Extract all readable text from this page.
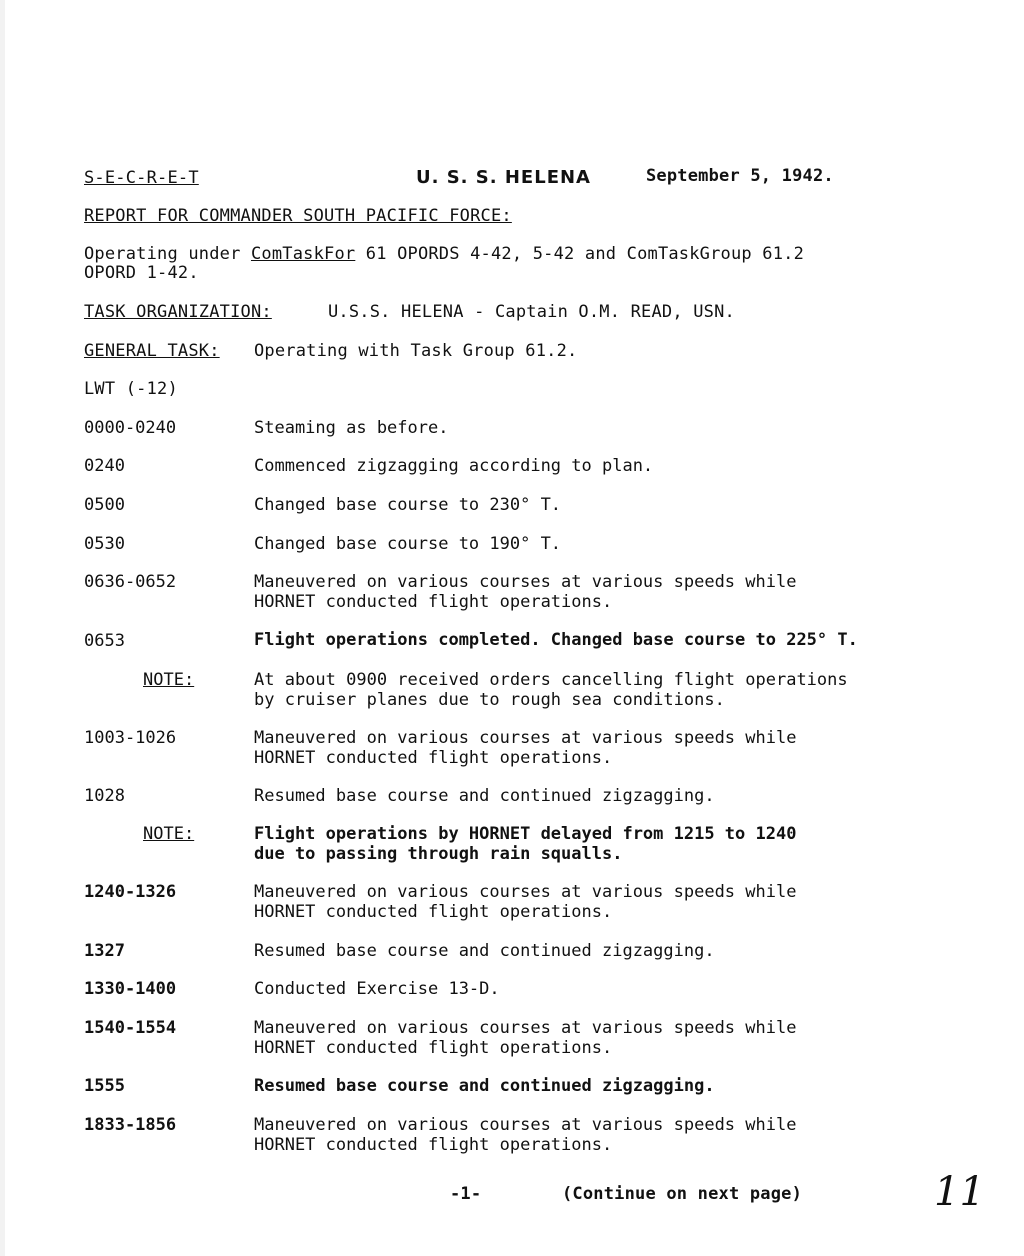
S-E-C-R-E-T	U. S. S. HELENA	September 5, 1942.
REPORT FOR COMMANDER SOUTH PACIFIC FORCE:
Operating under ComTaskFor 61 OPORDS 4-42, 5-42 and ComTaskGroup 61.2
OPORD 1-42.
TASK ORGANIZATION:	U.S.S. HELENA - Captain O.M. READ, USN.
GENERAL TASK: Operating with Task Group 61.2.
LWT (-12)
0000-0240	Steaming as before.
0240	Commenced zigzagging according to plan.
0500	Changed base course to 230° T.
0530	Changed base course to 190° T.
0636-0652	Maneuvered on various courses at various speeds while
HORNET conducted flight operations.
0653	Flight operations completed. Changed base course to 225° T.
NOTE:	At about 0900 received orders cancelling flight operations
by cruiser planes due to rough sea conditions.
1003-1026	Maneuvered on various courses at various speeds while
HORNET conducted flight operations.
1028	Resumed base course and continued zigzagging.
NOTE:	Flight operations by HORNET delayed from 1215 to 1240
due to passing through rain squalls.
1240-1326	Maneuvered on various courses at various speeds while
HORNET conducted flight operations.
1327	Resumed base course and continued zigzagging.
1330-1400	Conducted Exercise 13-D.
1540-1554	Maneuvered on various courses at various speeds while
HORNET conducted flight operations.
1555	Resumed base course and continued zigzagging.
1833-1856	Maneuvered on various courses at various speeds while
HORNET conducted flight operations.
-1-	(Continue on next page)	11
